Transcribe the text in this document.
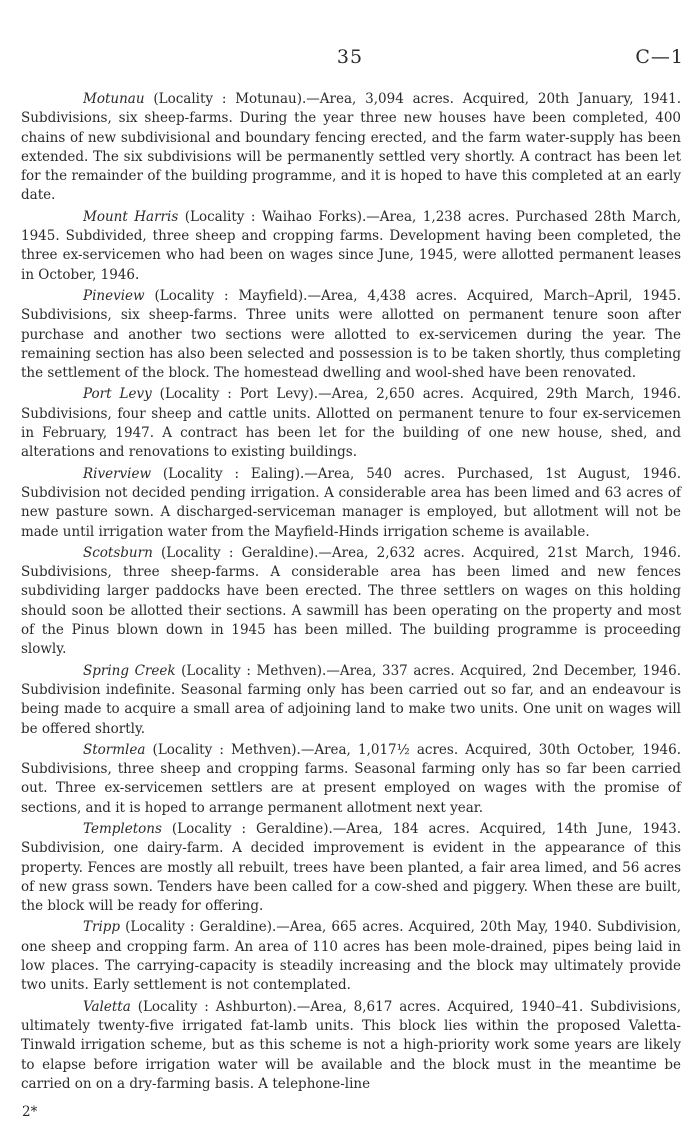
35	C—1

Motunau (Locality : Motunau).—Area, 3,094 acres. Acquired, 20th January, 1941. Subdivisions, six sheep-farms. During the year three new houses have been completed, 400 chains of new subdivisional and boundary fencing erected, and the farm water-supply has been extended. The six subdivisions will be permanently settled very shortly. A contract has been let for the remainder of the building programme, and it is hoped to have this completed at an early date.

Mount Harris (Locality : Waihao Forks).—Area, 1,238 acres. Purchased 28th March, 1945. Subdivided, three sheep and cropping farms. Development having been completed, the three ex-servicemen who had been on wages since June, 1945, were allotted permanent leases in October, 1946.

Pineview (Locality : Mayfield).—Area, 4,438 acres. Acquired, March–April, 1945. Subdivisions, six sheep-farms. Three units were allotted on permanent tenure soon after purchase and another two sections were allotted to ex-servicemen during the year. The remaining section has also been selected and possession is to be taken shortly, thus completing the settlement of the block. The homestead dwelling and wool-shed have been renovated.

Port Levy (Locality : Port Levy).—Area, 2,650 acres. Acquired, 29th March, 1946. Subdivisions, four sheep and cattle units. Allotted on permanent tenure to four ex-servicemen in February, 1947. A contract has been let for the building of one new house, shed, and alterations and renovations to existing buildings.

Riverview (Locality : Ealing).—Area, 540 acres. Purchased, 1st August, 1946. Subdivision not decided pending irrigation. A considerable area has been limed and 63 acres of new pasture sown. A discharged-serviceman manager is employed, but allotment will not be made until irrigation water from the Mayfield-Hinds irrigation scheme is available.

Scotsburn (Locality : Geraldine).—Area, 2,632 acres. Acquired, 21st March, 1946. Subdivisions, three sheep-farms. A considerable area has been limed and new fences subdividing larger paddocks have been erected. The three settlers on wages on this holding should soon be allotted their sections. A sawmill has been operating on the property and most of the Pinus blown down in 1945 has been milled. The building programme is proceeding slowly.

Spring Creek (Locality : Methven).—Area, 337 acres. Acquired, 2nd December, 1946. Subdivision indefinite. Seasonal farming only has been carried out so far, and an endeavour is being made to acquire a small area of adjoining land to make two units. One unit on wages will be offered shortly.

Stormlea (Locality : Methven).—Area, 1,017½ acres. Acquired, 30th October, 1946. Subdivisions, three sheep and cropping farms. Seasonal farming only has so far been carried out. Three ex-servicemen settlers are at present employed on wages with the promise of sections, and it is hoped to arrange permanent allotment next year.

Templetons (Locality : Geraldine).—Area, 184 acres. Acquired, 14th June, 1943. Subdivision, one dairy-farm. A decided improvement is evident in the appearance of this property. Fences are mostly all rebuilt, trees have been planted, a fair area limed, and 56 acres of new grass sown. Tenders have been called for a cow-shed and piggery. When these are built, the block will be ready for offering.

Tripp (Locality : Geraldine).—Area, 665 acres. Acquired, 20th May, 1940. Subdivision, one sheep and cropping farm. An area of 110 acres has been mole-drained, pipes being laid in low places. The carrying-capacity is steadily increasing and the block may ultimately provide two units. Early settlement is not contemplated.

Valetta (Locality : Ashburton).—Area, 8,617 acres. Acquired, 1940–41. Subdivisions, ultimately twenty-five irrigated fat-lamb units. This block lies within the proposed Valetta-Tinwald irrigation scheme, but as this scheme is not a high-priority work some years are likely to elapse before irrigation water will be available and the block must in the meantime be carried on on a dry-farming basis. A telephone-line

2*
